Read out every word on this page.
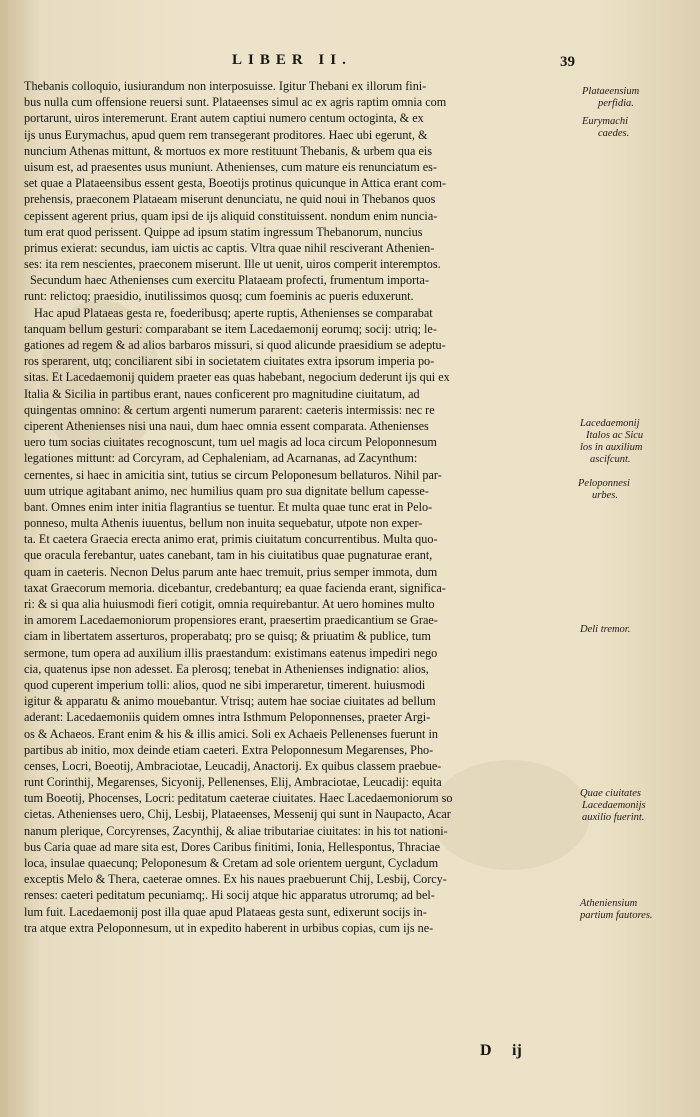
LIBER II.	39
Thebanis colloquio, iusiurandum non interposuisse. Igitur Thebani ex illorum fini-
bus nulla cum offensione reuersi sunt. Plataeenses simul ac ex agris raptim omnia com
portarunt, uiros interemerunt. Erant autem captiui numero centum octoginta, & ex
ijs unus Eurymachus, apud quem rem transegerant proditores. Haec ubi egerunt, &
nuncium Athenas mittunt, & mortuos ex more restituunt Thebanis, & urbem qua eis
uisum est, ad praesentes usus muniunt. Athenienses, cum mature eis renunciatum es-
set quae a Plataeensibus essent gesta, Boeotijs protinus quicunque in Attica erant com-
prehensis, praeconem Plataeam miserunt denunciatu, ne quid noui in Thebanos quos
cepissent agerent prius, quam ipsi de ijs aliquid constituissent. nondum enim nuncia-
tum erat quod perissent. Quippe ad ipsum statim ingressum Thebanorum, nuncius
primus exierat: secundus, iam uictis ac captis. Vltra quae nihil resciverant Athenien-
ses: ita rem nescientes, praeconem miserunt. Ille ut uenit, uiros comperit interemptos.
Secundum haec Athenienses cum exercitu Plataeam profecti, frumentum importa-
runt: relictoq; praesidio, inutilissimos quosq; cum foeminis ac pueris eduxerunt.
Hac apud Plataeas gesta re, foederibusq; aperte ruptis, Athenienses se comparabat
tanquam bellum gesturi: comparabant se item Lacedaemonij eorumq; socij: utriq; le-
gationes ad regem & ad alios barbaros missuri, si quod alicunde praesidium se adeptu-
ros sperarent, utq; conciliarent sibi in societatem ciuitates extra ipsorum imperia po-
sitas. Et Lacedaemonij quidem praeter eas quas habebant, negocium dederunt ijs qui ex
Italia & Sicilia in partibus erant, naues conficerent pro magnitudine ciuitatum, ad
quingentas omnino: & certum argenti numerum pararent: caeteris intermissis: nec re
ciperent Athenienses nisi una naui, dum haec omnia essent comparata. Athenienses
uero tum socias ciuitates recognoscunt, tum uel magis ad loca circum Peloponnesum
legationes mittunt: ad Corcyram, ad Cephaleniam, ad Acarnanas, ad Zacynthum:
cernentes, si haec in amicitia sint, tutius se circum Peloponesum bellaturos. Nihil par-
uum utrique agitabant animo, nec humilius quam pro sua dignitate bellum capesse-
bant. Omnes enim inter initia flagrantius se tuentur. Et multa quae tunc erat in Pelo-
ponneso, multa Athenis iuuentus, bellum non inuita sequebatur, utpote non exper-
ta. Et caetera Graecia erecta animo erat, primis ciuitatum concurrentibus. Multa quo-
que oracula ferebantur, uates canebant, tam in his ciuitatibus quae pugnaturae erant,
quam in caeteris. Necnon Delus parum ante haec tremuit, prius semper immota, dum
taxat Graecorum memoria. dicebantur, credebanturq; ea quae facienda erant, significa-
ri: & si qua alia huiusmodi fieri cotigit, omnia requirebantur. At uero homines multo
in amorem Lacedaemoniorum propensiores erant, praesertim praedicantium se Grae-
ciam in libertatem asserturos, properabatq; pro se quisq; & priuatim & publice, tum
sermone, tum opera ad auxilium illis praestandum: existimans eatenus impediri nego
cia, quatenus ipse non adesset. Ea plerosq; tenebat in Athenienses indignatio: alios,
quod cuperent imperium tolli: alios, quod ne sibi imperaretur, timerent. huiusmodi
igitur & apparatu & animo mouebantur. Vtrisq; autem hae sociae ciuitates ad bellum
aderant: Lacedaemoniis quidem omnes intra Isthmum Peloponnenses, praeter Argi-
os & Achaeos. Erant enim & his & illis amici. Soli ex Achaeis Pellenenses fuerunt in
partibus ab initio, mox deinde etiam caeteri. Extra Peloponnesum Megarenses, Pho-
censes, Locri, Boeotij, Ambraciotae, Leucadij, Anactorij. Ex quibus classem praebue-
runt Corinthij, Megarenses, Sicyonij, Pellenenses, Elij, Ambraciotae, Leucadij: equita
tum Boeotij, Phocenses, Locri: peditatum caeterae ciuitates. Haec Lacedaemoniorum so
cietas. Athenienses uero, Chij, Lesbij, Plataeenses, Messenij qui sunt in Naupacto, Acar
nanum plerique, Corcyrenses, Zacynthij, & aliae tributariae ciuitates: in his tot nationi-
bus Caria quae ad mare sita est, Dores Caribus finitimi, Ionia, Hellespontus, Thraciae
loca, insulae quaecunq; Peloponesum & Cretam ad sole orientem uergunt, Cycladum
exceptis Melo & Thera, caeterae omnes. Ex his naues praebuerunt Chij, Lesbij, Corcy-
renses: caeteri peditatum pecuniamq;. Hi socij atque hic apparatus utrorumq; ad bel-
lum fuit. Lacedaemonij post illa quae apud Plataeas gesta sunt, edixerunt socijs in-
tra atque extra Peloponnesum, ut in expedito haberent in urbibus copias, cum ijs ne-
Plataeensium
perfidia.
Eurymachi
caedes.
Lacedaemonij
Italos ac Sicu
los in auxilium
ascifcunt.
Peloponnesi
urbes.
Deli tremor.
Quae ciuitates
Lacedaemonijs
auxilio fuerint.
Atheniensium
partium fautores.
D ij
